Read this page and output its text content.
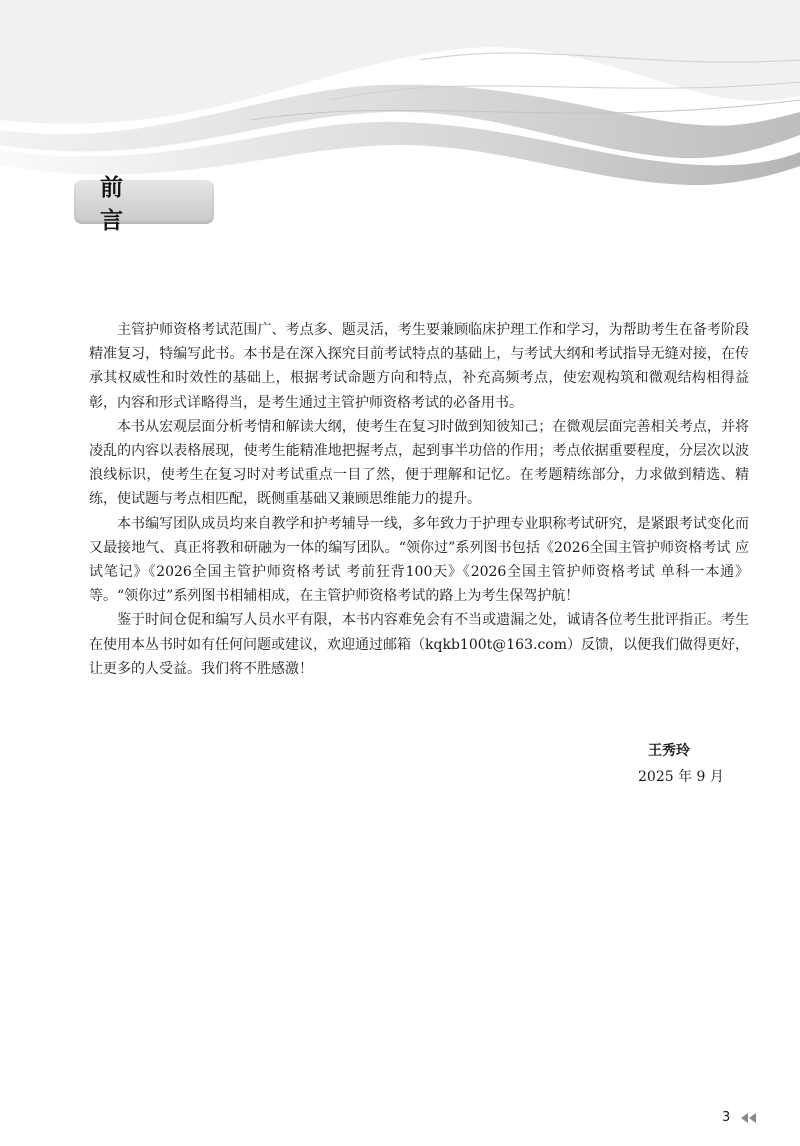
前　言

主管护师资格考试范围广、考点多、题灵活，考生要兼顾临床护理工作和学习，为帮助考生在备考阶段精准复习，特编写此书。本书是在深入探究目前考试特点的基础上，与考试大纲和考试指导无缝对接，在传承其权威性和时效性的基础上，根据考试命题方向和特点，补充高频考点，使宏观构筑和微观结构相得益彰，内容和形式详略得当，是考生通过主管护师资格考试的必备用书。

本书从宏观层面分析考情和解读大纲，使考生在复习时做到知彼知己；在微观层面完善相关考点，并将凌乱的内容以表格展现，使考生能精准地把握考点，起到事半功倍的作用；考点依据重要程度，分层次以波浪线标识，使考生在复习时对考试重点一目了然，便于理解和记忆。在考题精练部分，力求做到精选、精练，使试题与考点相匹配，既侧重基础又兼顾思维能力的提升。

本书编写团队成员均来自教学和护考辅导一线，多年致力于护理专业职称考试研究，是紧跟考试变化而又最接地气、真正将教和研融为一体的编写团队。“领你过”系列图书包括《2026全国主管护师资格考试 应试笔记》《2026全国主管护师资格考试 考前狂背100天》《2026全国主管护师资格考试 单科一本通》等。“领你过”系列图书相辅相成，在主管护师资格考试的路上为考生保驾护航！

鉴于时间仓促和编写人员水平有限，本书内容难免会有不当或遗漏之处，诚请各位考生批评指正。考生在使用本丛书时如有任何问题或建议，欢迎通过邮箱（kqkb100t@163.com）反馈，以便我们做得更好，让更多的人受益。我们将不胜感激！

王秀玲
2025 年 9 月
3
